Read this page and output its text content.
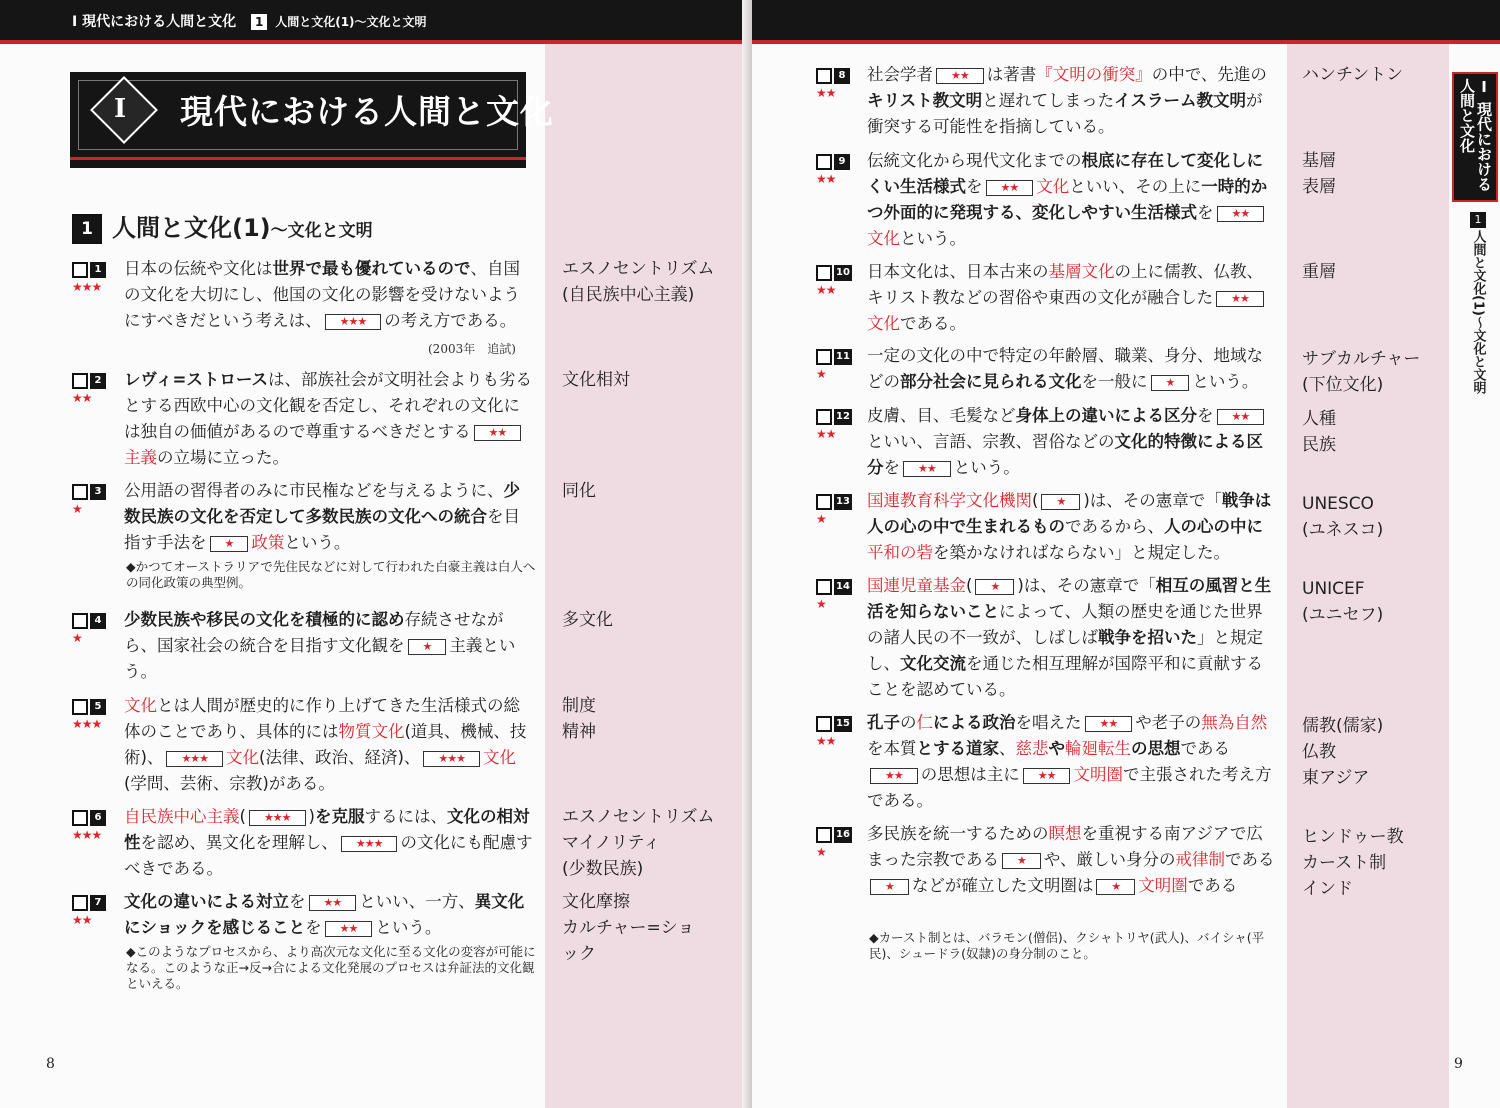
Ⅰ 現代における人間と文化 1 人間と文化(1)～文化と文明
Ⅰ 現代における人間と文化
1 人間と文化(1)～文化と文明
1
★★★
日本の伝統や文化は世界で最も優れているので、自国の文化を大切にし、他国の文化の影響を受けないようにすべきだという考えは、 ★★★ の考え方である。
(2003年　追試)
エスノセントリズム
(自民族中心主義)
2
★★
レヴィ=ストロースは、部族社会が文明社会よりも劣るとする西欧中心の文化観を否定し、それぞれの文化には独自の価値があるので尊重するべきだとする ★★
主義の立場に立った。
文化相対
3
★
公用語の習得者のみに市民権などを与えるように、少数民族の文化を否定して多数民族の文化への統合を目指す手法を ★ 政策という。
◆かつてオーストラリアで先住民などに対して行われた白豪主義は白人への同化政策の典型例。
同化
4
★
少数民族や移民の文化を積極的に認め存続させながら、国家社会の統合を目指す文化観を ★ 主義という。
多文化
5
★★★
文化とは人間が歴史的に作り上げてきた生活様式の総体のことであり、具体的には物質文化(道具、機械、技術)、 ★★★ 文化(法律、政治、経済)、 ★★★ 文化(学問、芸術、宗教)がある。
制度
精神
6
★★★
自民族中心主義( ★★★ )を克服するには、文化の相対性を認め、異文化を理解し、 ★★★ の文化にも配慮すべきである。
エスノセントリズム
マイノリティ
(少数民族)
7
★★
文化の違いによる対立を ★★ といい、一方、異文化にショックを感じることを ★★ という。
◆このようなプロセスから、より高次元な文化に至る文化の変容が可能になる。このような正→反→合による文化発展のプロセスは弁証法的文化観といえる。
文化摩擦
カルチャー=ショ
ック
8
8
★★
社会学者 ★★ は著書『文明の衝突』の中で、先進のキリスト教文明と遅れてしまったイスラーム教文明が衝突する可能性を指摘している。
ハンチントン
9
★★
伝統文化から現代文化までの根底に存在して変化しにくい生活様式を ★★ 文化といい、その上に一時的かつ外面的に発現する、変化しやすい生活様式を ★★文化という。
基層
表層
10
★★
日本文化は、日本古来の基層文化の上に儒教、仏教、キリスト教などの習俗や東西の文化が融合した ★★
文化である。
重層
11
★
一定の文化の中で特定の年齢層、職業、身分、地域などの部分社会に見られる文化を一般に ★ という。
サブカルチャー
(下位文化)
12
★★
皮膚、目、毛髪など身体上の違いによる区分を ★★といい、言語、宗教、習俗などの文化的特徴による区分を ★★ という。
人種
民族
13
★
国連教育科学文化機関( ★ )は、その憲章で「戦争は人の心の中で生まれるものであるから、人の心の中に平和の砦を築かなければならない」と規定した。
UNESCO
(ユネスコ)
14
★
国連児童基金( ★ )は、その憲章で「相互の風習と生活を知らないことによって、人類の歴史を通じた世界の諸人民の不一致が、しばしば戦争を招いた」と規定し、文化交流を通じた相互理解が国際平和に貢献することを認めている。
UNICEF
(ユニセフ)
15
★★
孔子の仁による政治を唱えた ★★ や老子の無為自然を本質とする道家、慈悲や輪廻転生の思想である★★ の思想は主に ★★ 文明圏で主張された考え方である。
儒教(儒家)
仏教
東アジア
16
★
多民族を統一するための瞑想を重視する南アジアで広まった宗教である ★ や、厳しい身分の戒律制である★ などが確立した文明圏は ★ 文明圏である
◆カースト制とは、バラモン(僧侶)、クシャトリヤ(武人)、バイシャ(平民)、シュードラ(奴隷)の身分制のこと。
ヒンドゥー教
カースト制
インド
Ⅰ 現代における人間と文化
1
人間と文化(1)～文化と文明
9
